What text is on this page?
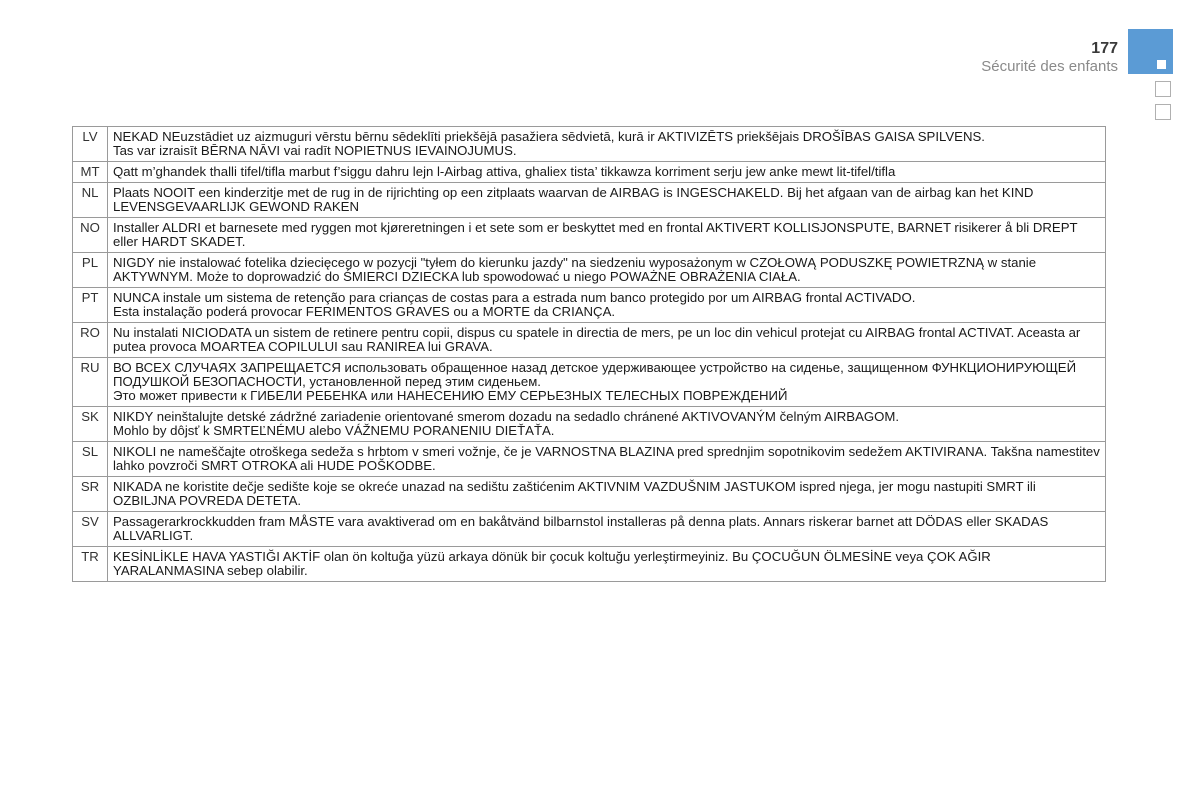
177
Sécurité des enfants
LV	NEKAD NEuzstādiet uz aizmuguri vērstu bērnu sēdeklīti priekšējā pasažiera sēdvietā, kurā ir AKTIVIZĒTS priekšējais DROŠĪBAS GAISA SPILVENS.
Tas var izraisīt BĒRNA NĀVI vai radīt NOPIETNUS IEVAINOJUMUS.

MT	Qatt m’ghandek thalli tifel/tifla marbut f’siggu dahru lejn l-Airbag attiva, ghaliex tista’ tikkawza korriment serju jew anke mewt lit-tifel/tifla

NL	Plaats NOOIT een kinderzitje met de rug in de rijrichting op een zitplaats waarvan de AIRBAG is INGESCHAKELD. Bij het afgaan van de airbag kan het KIND LEVENSGEVAARLIJK GEWOND RAKEN

NO	Installer ALDRI et barnesete med ryggen mot kjøreretningen i et sete som er beskyttet med en frontal AKTIVERT KOLLISJONSPUTE, BARNET risikerer å bli DREPT eller HARDT SKADET.

PL	NIGDY nie instalować fotelika dziecięcego w pozycji "tyłem do kierunku jazdy" na siedzeniu wyposażonym w CZOŁOWĄ PODUSZKĘ POWIETRZNĄ w stanie AKTYWNYM. Może to doprowadzić do ŚMIERCI DZIECKA lub spowodować u niego POWAŻNE OBRAŻENIA CIAŁA.

PT	NUNCA instale um sistema de retenção para crianças de costas para a estrada num banco protegido por um AIRBAG frontal ACTIVADO.
Esta instalação poderá provocar FERIMENTOS GRAVES ou a MORTE da CRIANÇA.

RO	Nu instalati NICIODATA un sistem de retinere pentru copii, dispus cu spatele in directia de mers, pe un loc din vehicul protejat cu AIRBAG frontal ACTIVAT. Aceasta ar putea provoca MOARTEA COPILULUI sau RANIREA lui GRAVA.

RU	ВО ВСЕХ СЛУЧАЯХ ЗАПРЕЩАЕТСЯ использовать обращенное назад детское удерживающее устройство на сиденье, защищенном ФУНКЦИОНИРУЮЩЕЙ ПОДУШКОЙ БЕЗОПАСНОСТИ, установленной перед этим сиденьем.
Это может привести к ГИБЕЛИ РЕБЕНКА или НАНЕСЕНИЮ ЕМУ СЕРЬЕЗНЫХ ТЕЛЕСНЫХ ПОВРЕЖДЕНИЙ

SK	NIKDY neinštalujte detské zádržné zariadenie orientované smerom dozadu na sedadlo chránené AKTIVOVANÝM čelným AIRBAGOM.
Mohlo by dôjsť k SMRTEĽNÉMU alebo VÁŽNEMU PORANENIU DIEŤAŤA.

SL	NIKOLI ne nameščajte otroškega sedeža s hrbtom v smeri vožnje, če je VARNOSTNA BLAZINA pred sprednjim sopotnikovim sedežem AKTIVIRANA. Takšna namestitev lahko povzroči SMRT OTROKA ali HUDE POŠKODBE.

SR	NIKADA ne koristite dečje sedište koje se okreće unazad na sedištu zaštićenim AKTIVNIM VAZDUŠNIM JASTUKOM ispred njega, jer mogu nastupiti SMRT ili OZBILJNA POVREDA DETETA.

SV	Passagerarkrockkudden fram MÅSTE vara avaktiverad om en bakåtvänd bilbarnstol installeras på denna plats. Annars riskerar barnet att DÖDAS eller SKADAS ALLVARLIGT.

TR	KESİNLİKLE HAVA YASTIĞI AKTİF olan ön koltuğa yüzü arkaya dönük bir çocuk koltuğu yerleştirmeyiniz. Bu ÇOCUĞUN ÖLMESİNE veya ÇOK AĞIR YARALANMASINA sebep olabilir.
